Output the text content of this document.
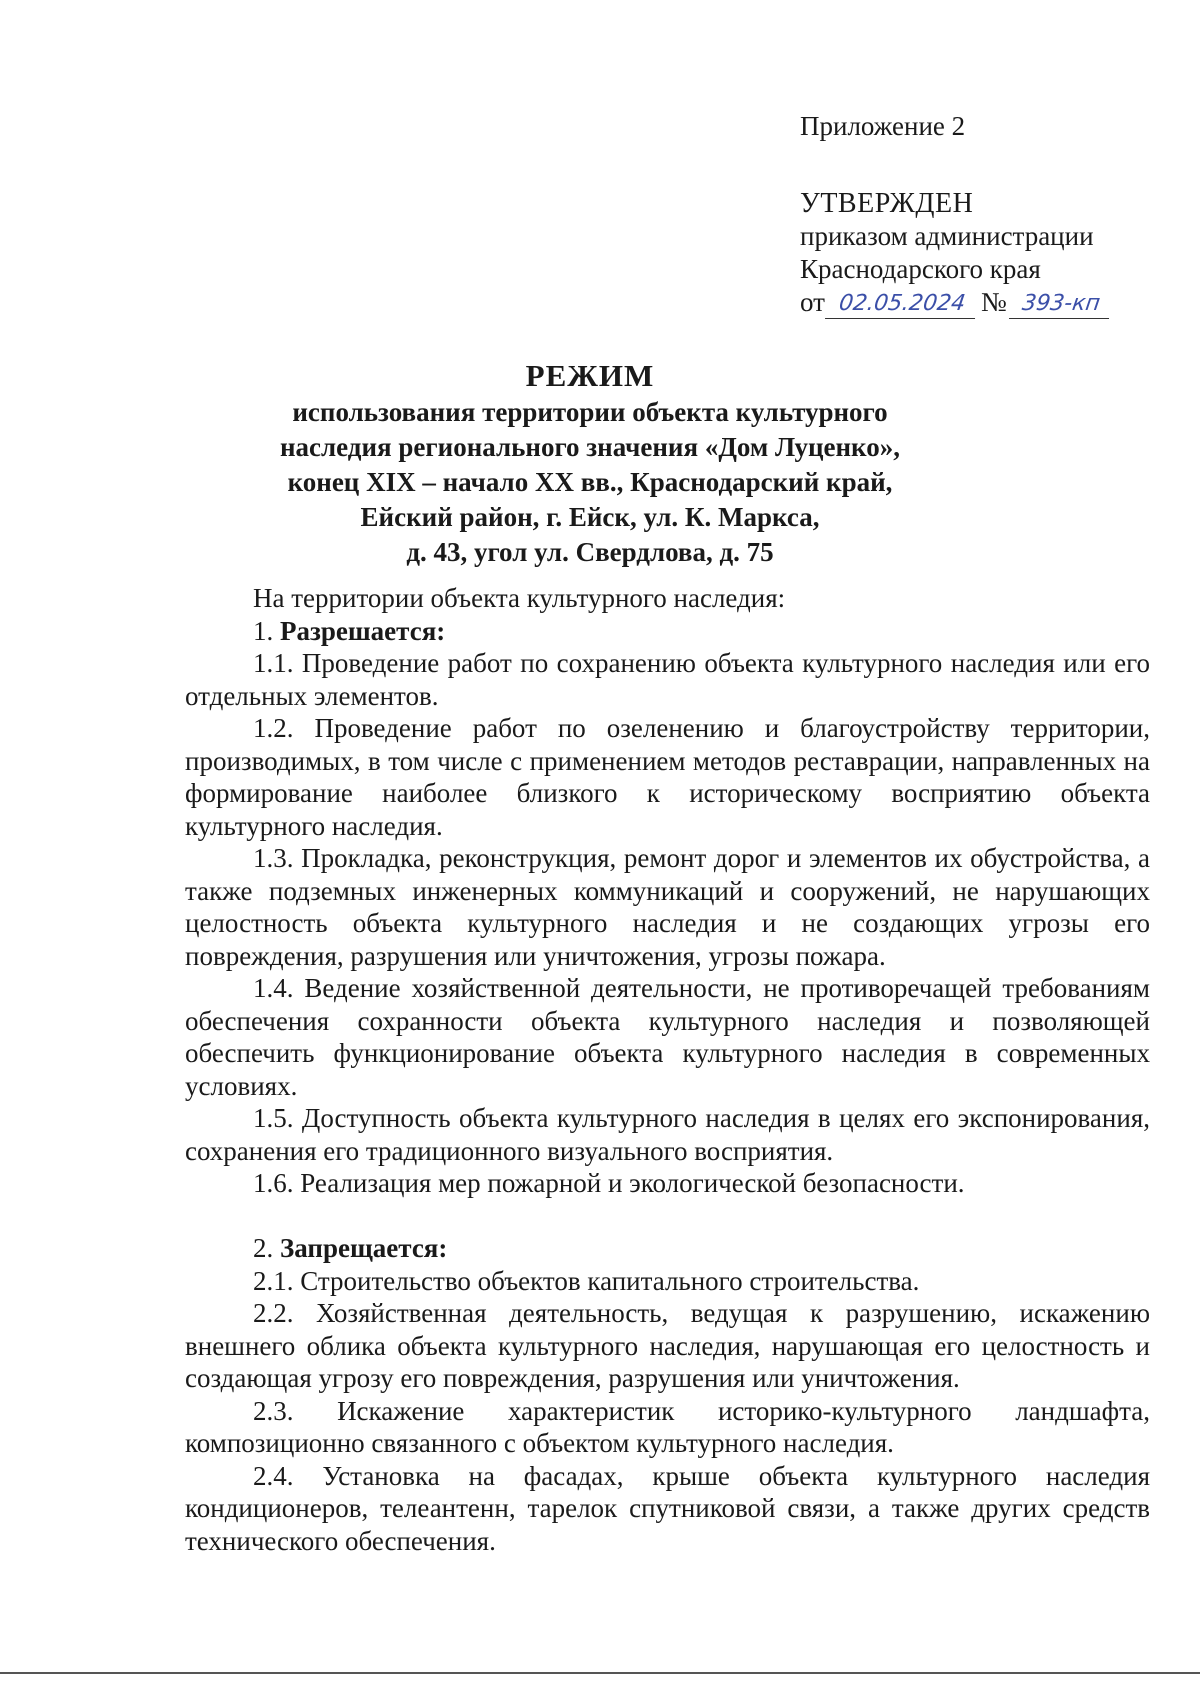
Приложение 2
УТВЕРЖДЕН
приказом администрации
Краснодарского края
от 02.05.2024 № 393-кп
РЕЖИМ
использования территории объекта культурного
наследия регионального значения «Дом Луценко»,
конец XIX – начало XX вв., Краснодарский край,
Ейский район, г. Ейск, ул. К. Маркса,
д. 43, угол ул. Свердлова, д. 75

На территории объекта культурного наследия:

1. Разрешается:

1.1. Проведение работ по сохранению объекта культурного наследия или его отдельных элементов.

1.2. Проведение работ по озеленению и благоустройству территории, производимых, в том числе с применением методов реставрации, направленных на формирование наиболее близкого к историческому восприятию объекта культурного наследия.

1.3. Прокладка, реконструкция, ремонт дорог и элементов их обустройства, а также подземных инженерных коммуникаций и сооружений, не нарушающих целостность объекта культурного наследия и не создающих угрозы его повреждения, разрушения или уничтожения, угрозы пожара.

1.4. Ведение хозяйственной деятельности, не противоречащей требованиям обеспечения сохранности объекта культурного наследия и позволяющей обеспечить функционирование объекта культурного наследия в современных условиях.

1.5. Доступность объекта культурного наследия в целях его экспонирования, сохранения его традиционного визуального восприятия.

1.6. Реализация мер пожарной и экологической безопасности.

2. Запрещается:

2.1. Строительство объектов капитального строительства.

2.2. Хозяйственная деятельность, ведущая к разрушению, искажению внешнего облика объекта культурного наследия, нарушающая его целостность и создающая угрозу его повреждения, разрушения или уничтожения.

2.3. Искажение характеристик историко-культурного ландшафта, композиционно связанного с объектом культурного наследия.

2.4. Установка на фасадах, крыше объекта культурного наследия кондиционеров, телеантенн, тарелок спутниковой связи, а также других средств технического обеспечения.
